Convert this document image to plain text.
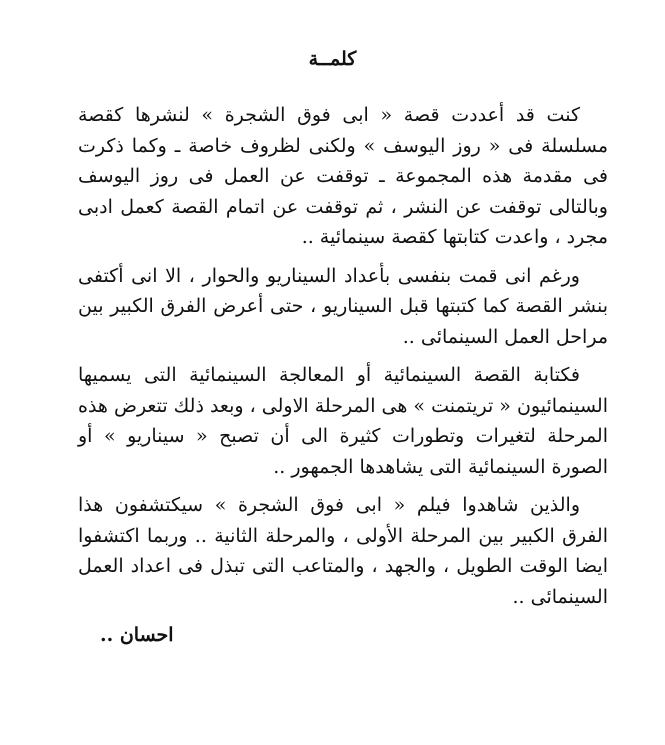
كلمــة

كنت قد أعددت قصة « ابى فوق الشجرة » لنشرها كقصة مسلسلة فى « روز اليوسف » ولكنى لظروف خاصة ـ وكما ذكرت فى مقدمة هذه المجموعة ـ توقفت عن العمل فى روز اليوسف وبالتالى توقفت عن النشر ، ثم توقفت عن اتمام القصة كعمل ادبى مجرد ، واعدت كتابتها كقصة سينمائية ..

ورغم انى قمت بنفسى بأعداد السيناريو والحوار ، الا انى أكتفى بنشر القصة كما كتبتها قبل السيناريو ، حتى أعرض الفرق الكبير بين مراحل العمل السينمائى ..

فكتابة القصة السينمائية أو المعالجة السينمائية التى يسميها السينمائيون « تريتمنت » هى المرحلة الاولى ، وبعد ذلك تتعرض هذه المرحلة لتغيرات وتطورات كثيرة الى أن تصبح « سيناريو » أو الصورة السينمائية التى يشاهدها الجمهور ..

والذين شاهدوا فيلم « ابى فوق الشجرة » سيكتشفون هذا الفرق الكبير بين المرحلة الأولى ، والمرحلة الثانية .. وربما اكتشفوا ايضا الوقت الطويل ، والجهد ، والمتاعب التى تبذل فى اعداد العمل السينمائى ..

احسان ..
